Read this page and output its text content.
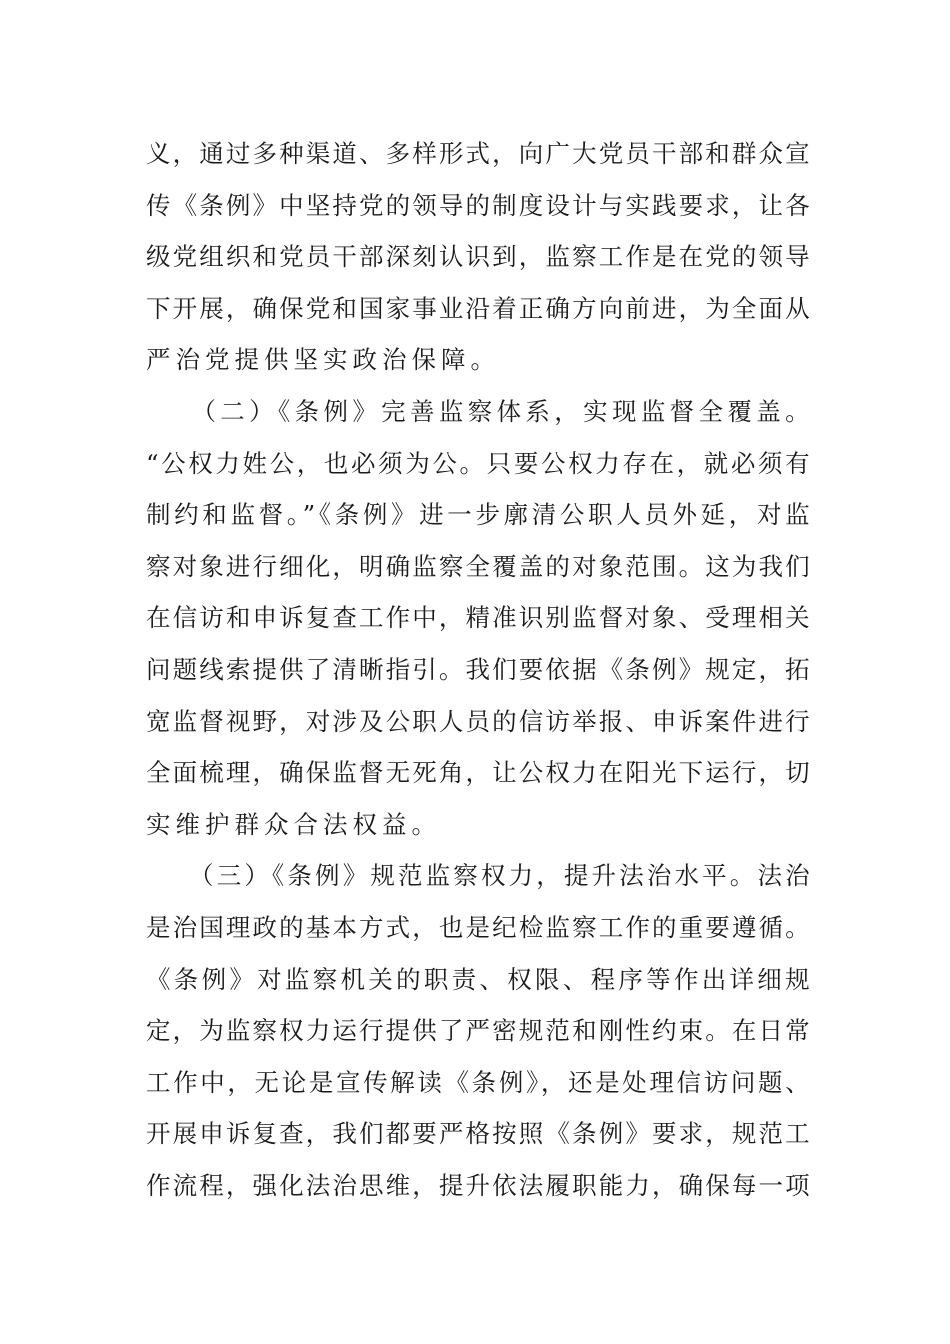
义，通过多种渠道、多样形式，向广大党员干部和群众宣
传《条例》中坚持党的领导的制度设计与实践要求，让各
级党组织和党员干部深刻认识到，监察工作是在党的领导
下开展，确保党和国家事业沿着正确方向前进，为全面从
严治党提供坚实政治保障。
　　（二）《条例》完善监察体系，实现监督全覆盖。
“公权力姓公，也必须为公。只要公权力存在，就必须有
制约和监督。”《条例》进一步廓清公职人员外延，对监
察对象进行细化，明确监察全覆盖的对象范围。这为我们
在信访和申诉复查工作中，精准识别监督对象、受理相关
问题线索提供了清晰指引。我们要依据《条例》规定，拓
宽监督视野，对涉及公职人员的信访举报、申诉案件进行
全面梳理，确保监督无死角，让公权力在阳光下运行，切
实维护群众合法权益。
　　（三）《条例》规范监察权力，提升法治水平。法治
是治国理政的基本方式，也是纪检监察工作的重要遵循。
《条例》对监察机关的职责、权限、程序等作出详细规
定，为监察权力运行提供了严密规范和刚性约束。在日常
工作中，无论是宣传解读《条例》，还是处理信访问题、
开展申诉复查，我们都要严格按照《条例》要求，规范工
作流程，强化法治思维，提升依法履职能力，确保每一项
